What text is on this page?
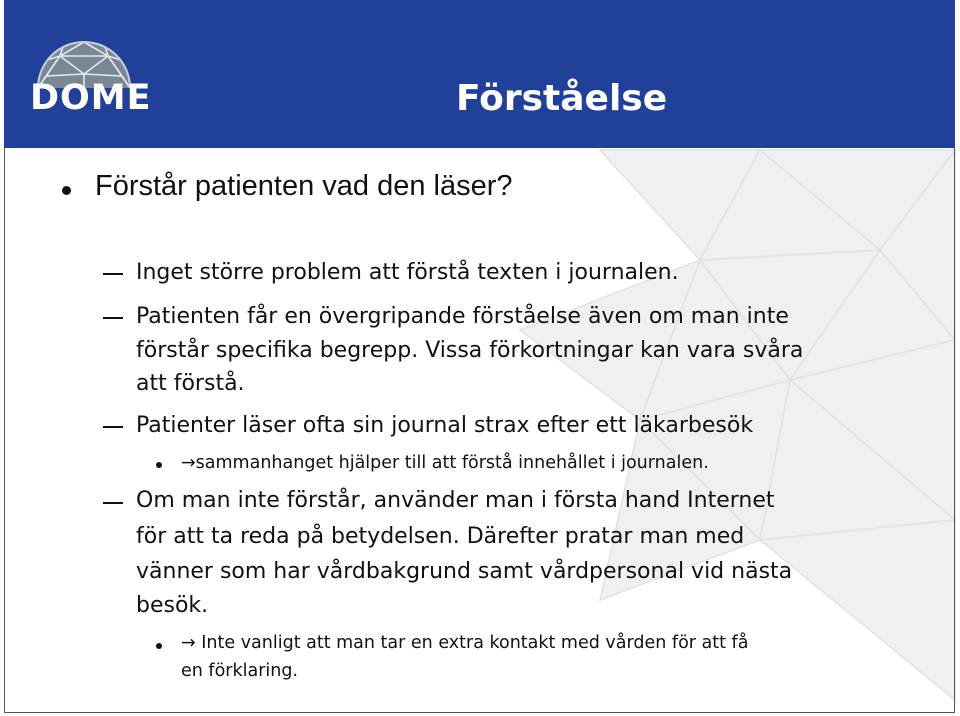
DOME	Förståelse
Förstår patienten vad den läser?
Inget större problem att förstå texten i journalen.
Patienten får en övergripande förståelse även om man inte
förstår specifika begrepp. Vissa förkortningar kan vara svåra
att förstå.
Patienter läser ofta sin journal strax efter ett läkarbesök
→sammanhanget hjälper till att förstå innehållet i journalen.
Om man inte förstår, använder man i första hand Internet
för att ta reda på betydelsen. Därefter pratar man med
vänner som har vårdbakgrund samt vårdpersonal vid nästa
besök.
→ Inte vanligt att man tar en extra kontakt med vården för att få
en förklaring.
